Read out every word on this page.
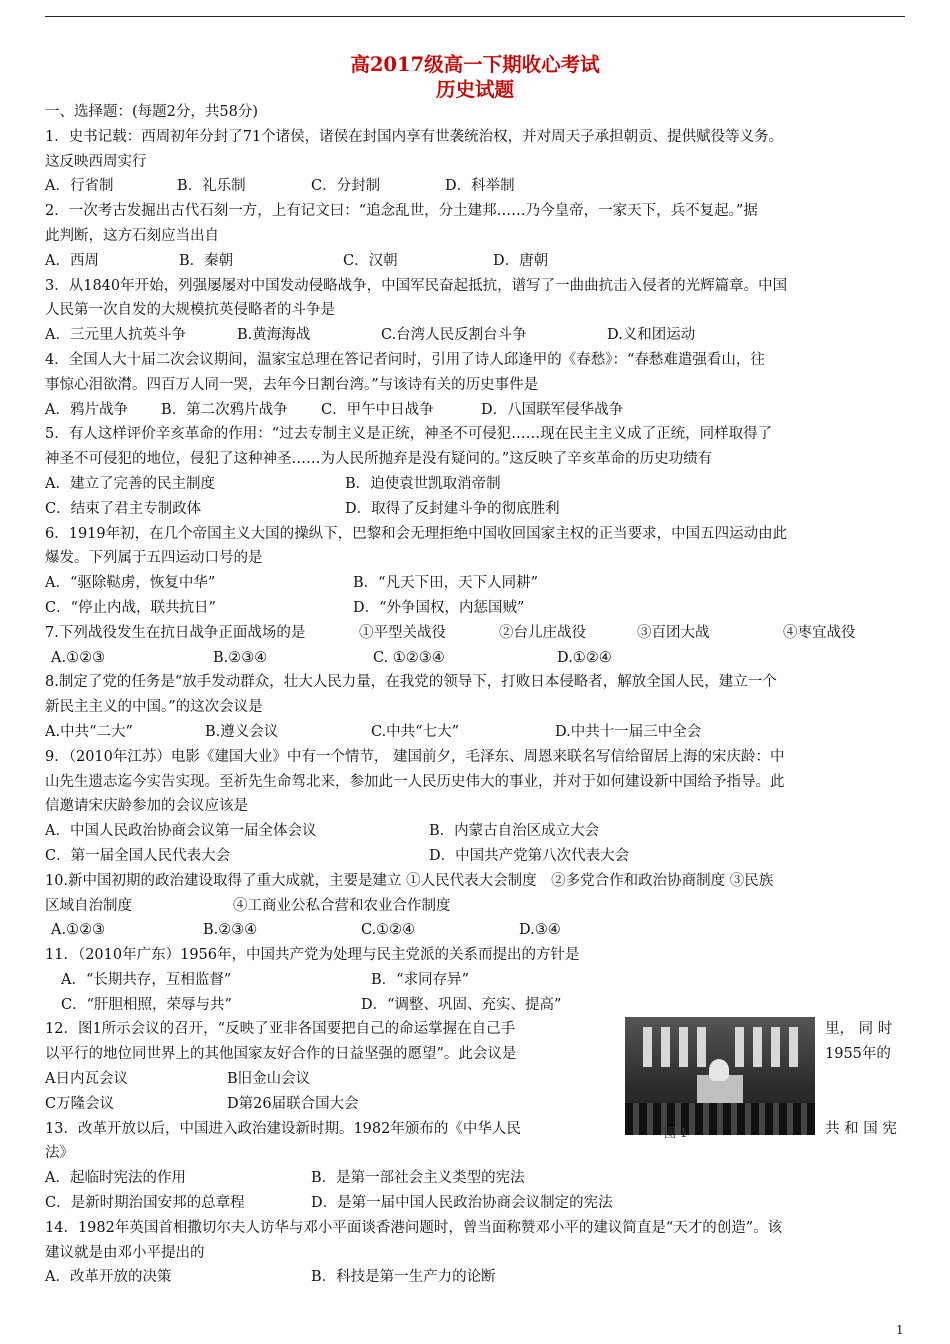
高2017级高一下期收心考试
历史试题

一、选择题：(每题2分，共58分)

1．史书记载：西周初年分封了71个诸侯，诸侯在封国内享有世袭统治权，并对周天子承担朝贡、提供赋役等义务。

这反映西周实行

A．行省制	B．礼乐制	C．分封制	D．科举制

2．一次考古发掘出古代石刻一方，上有记文曰：“追念乱世，分土建邦……乃今皇帝，一家天下，兵不复起。”据

此判断，这方石刻应当出自

A．西周	B．秦朝	C．汉朝	D．唐朝

3．从1840年开始，列强屡屡对中国发动侵略战争，中国军民奋起抵抗，谱写了一曲曲抗击入侵者的光辉篇章。中国

人民第一次自发的大规模抗英侵略者的斗争是

A．三元里人抗英斗争	B.黄海海战	C.台湾人民反割台斗争	D.义和团运动

4．全国人大十届二次会议期间，温家宝总理在答记者问时，引用了诗人邱逢甲的《春愁》：“春愁难遣强看山，往

事惊心泪欲潸。四百万人同一哭，去年今日割台湾。”与该诗有关的历史事件是

A．鸦片战争	B．第二次鸦片战争	C．甲午中日战争	D．八国联军侵华战争

5．有人这样评价辛亥革命的作用：“过去专制主义是正统，神圣不可侵犯……现在民主主义成了正统，同样取得了

神圣不可侵犯的地位，侵犯了这种神圣……为人民所抛弃是没有疑问的。”这反映了辛亥革命的历史功绩有

A．建立了完善的民主制度	B．迫使袁世凯取消帝制
C．结束了君主专制政体	D．取得了反封建斗争的彻底胜利

6．1919年初，在几个帝国主义大国的操纵下，巴黎和会无理拒绝中国收回国家主权的正当要求，中国五四运动由此

爆发。下列属于五四运动口号的是

A．“驱除鞑虏，恢复中华”	B．“凡天下田，天下人同耕”
C．“停止内战，联共抗日”	D．“外争国权，内惩国贼”
7.下列战役发生在抗日战争正面战场的是	①平型关战役	②台儿庄战役	③百团大战	④枣宜战役
A.①②③	B.②③④	C. ①②③④	D.①②④

8.制定了党的任务是“放手发动群众，壮大人民力量，在我党的领导下，打败日本侵略者，解放全国人民，建立一个

新民主主义的中国。”的这次会议是

A.中共“二大”	B.遵义会议	C.中共“七大”	D.中共十一届三中全会

9．（2010年江苏）电影《建国大业》中有一个情节， 建国前夕，毛泽东、周恩来联名写信给留居上海的宋庆龄：中

山先生遗志迄今实告实现。至祈先生命驾北来，参加此一人民历史伟大的事业，并对于如何建设新中国给予指导。此

信邀请宋庆龄参加的会议应该是

A．中国人民政治协商会议第一届全体会议	B．内蒙古自治区成立大会
C．第一届全国人民代表大会	D．中国共产党第八次代表大会

10.新中国初期的政治建设取得了重大成就，主要是建立 ①人民代表大会制度　②多党合作和政治协商制度 ③民族

区域自治制度	④工商业公私合营和农业合作制度
A.①②③	B.②③④	C.①②④	D.③④

11．（2010年广东）1956年，中国共产党为处理与民主党派的关系而提出的方针是

A．“长期共存，互相监督”	B．“求同存异”
C．“肝胆相照，荣辱与共”	D．“调整、巩固、充实、提高”

12．图1所示会议的召开，“反映了亚非各国要把自己的命运掌握在自己手	里， 同 时

以平行的地位同世界上的其他国家友好合作的日益坚强的愿望”。此会议是	1955年的

A日内瓦会议	B旧金山会议
C万隆会议	D第26届联合国大会

13．改革开放以后，中国进入政治建设新时期。1982年颁布的《中华人民	共 和 国 宪

法》

A．起临时宪法的作用	B．是第一部社会主义类型的宪法
C．是新时期治国安邦的总章程	D．是第一届中国人民政治协商会议制定的宪法

14．1982年英国首相撒切尔夫人访华与邓小平面谈香港问题时，曾当面称赞邓小平的建议简直是“天才的创造”。该

建议就是由邓小平提出的

A．改革开放的决策	B．科技是第一生产力的论断
图 1
1
